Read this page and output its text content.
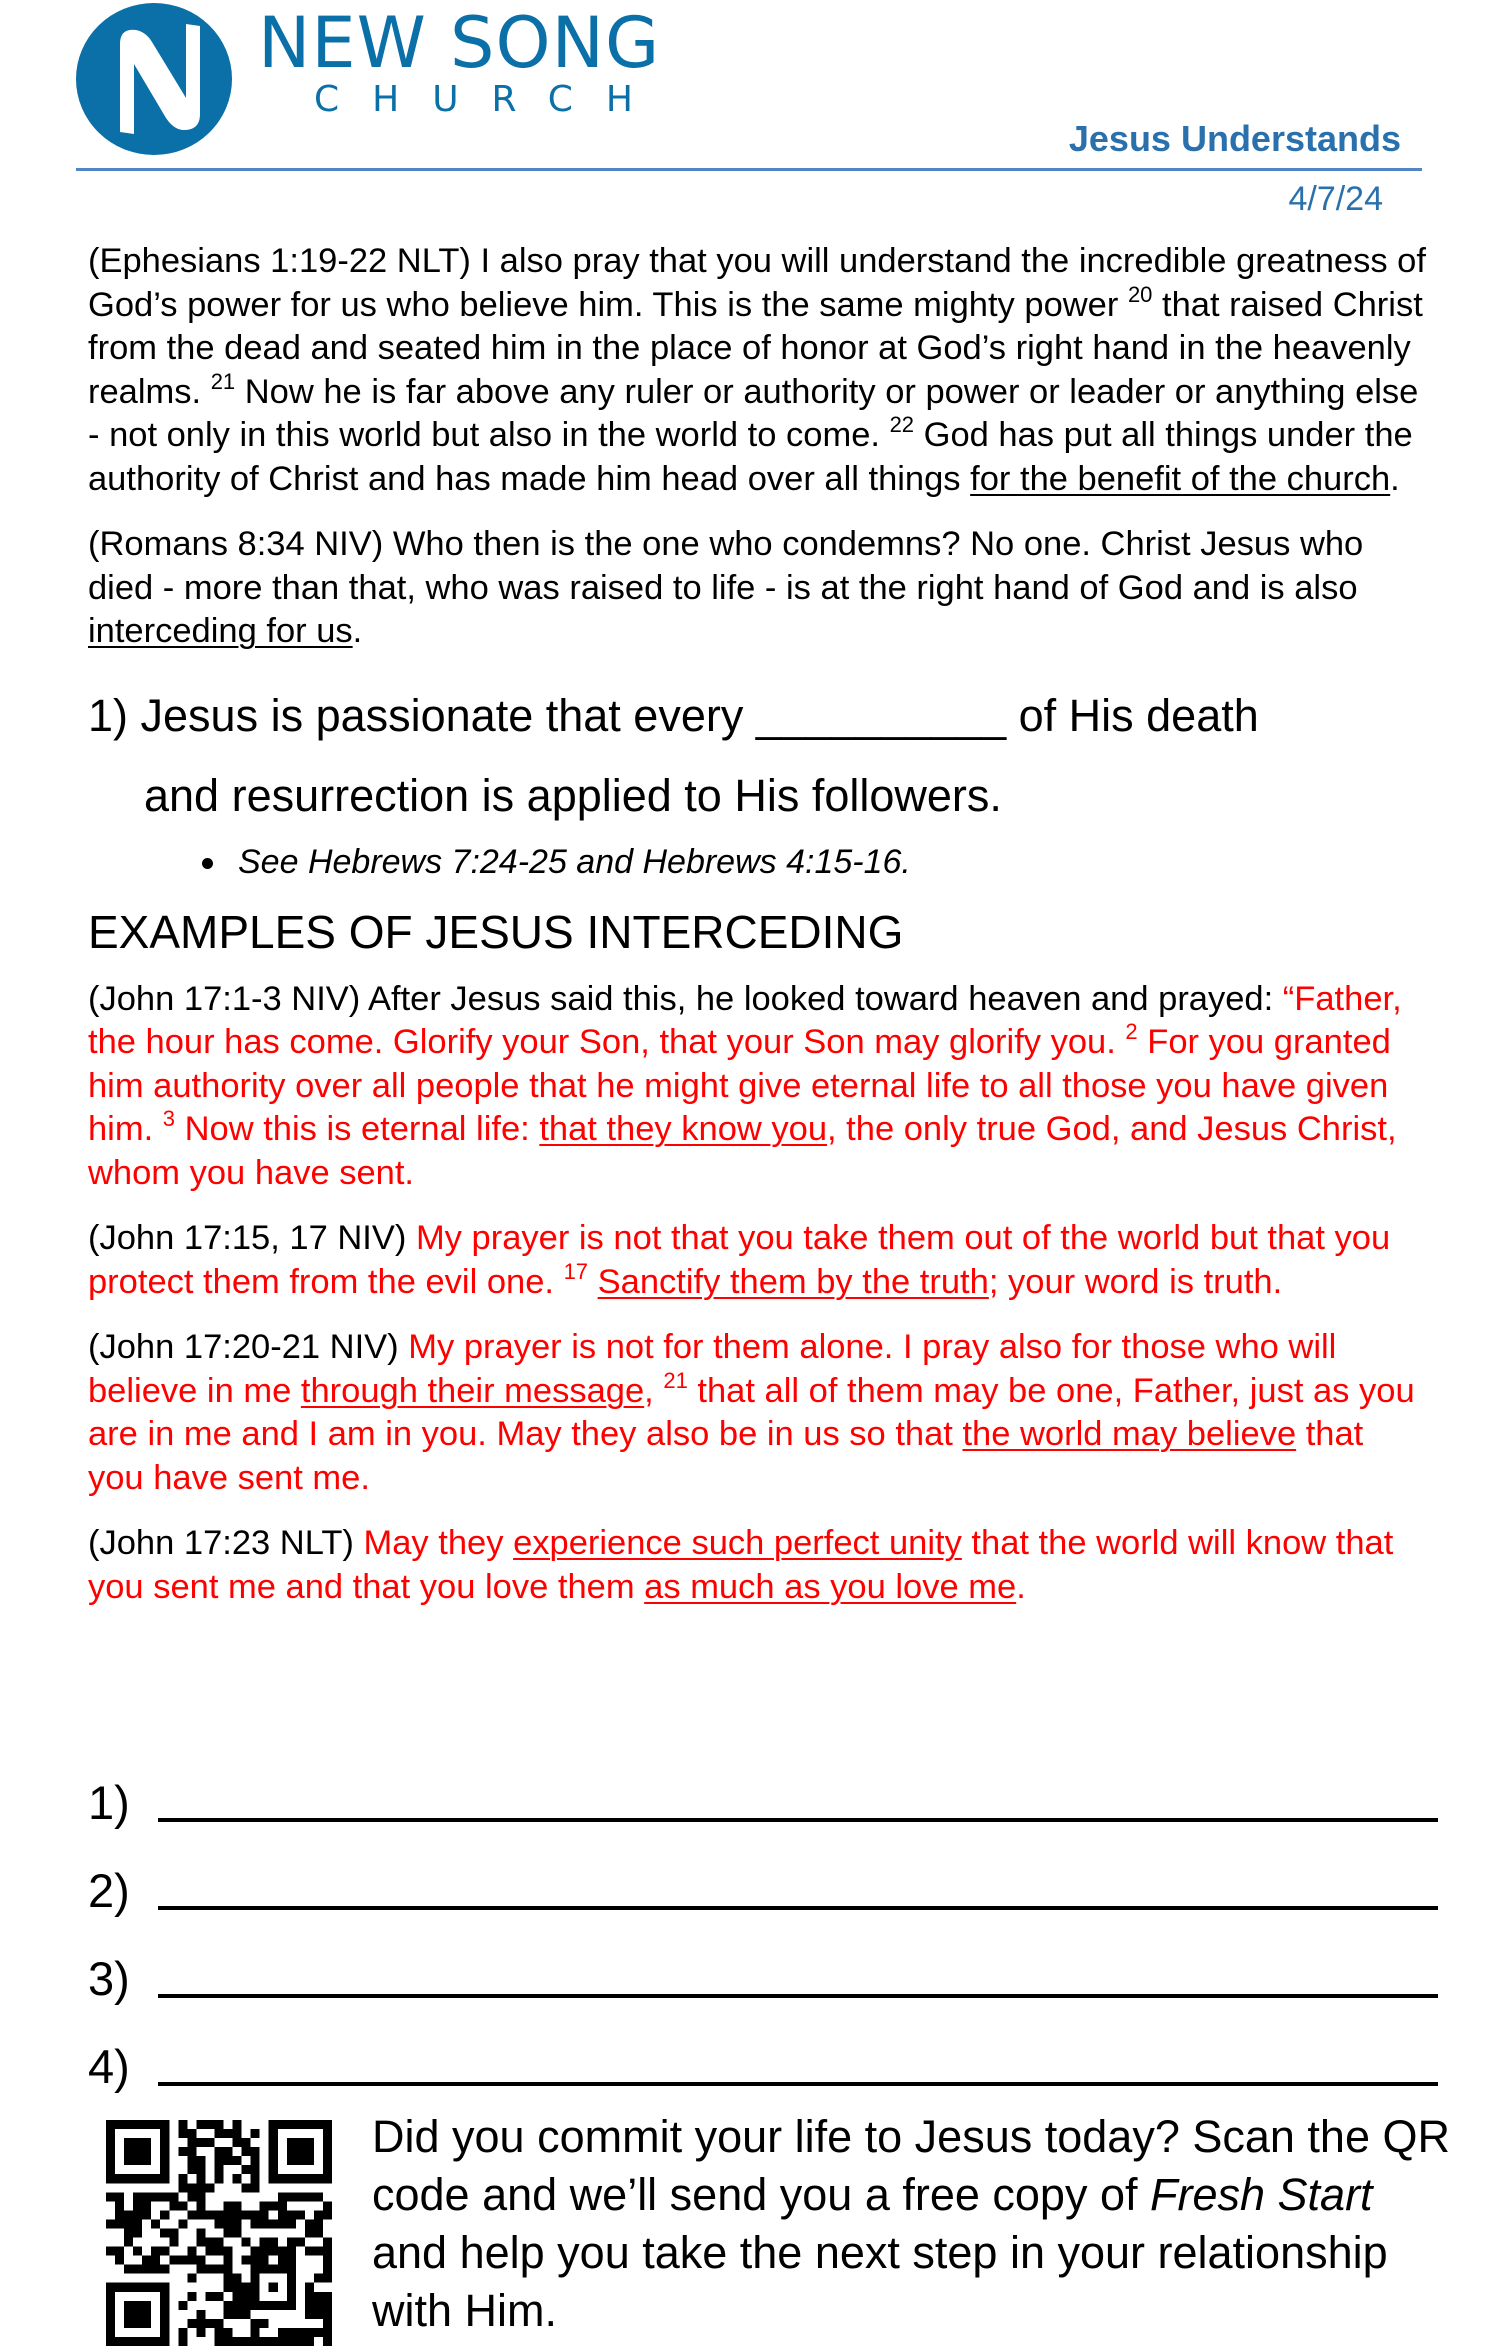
NEW SONG
CHURCH
Jesus Understands
4/7/24

(Ephesians 1:19-22 NLT) I also pray that you will understand the incredible greatness of God’s power for us who believe him. This is the same mighty power $^{20}$ that raised Christ from the dead and seated him in the place of honor at God’s right hand in the heavenly realms. $^{21}$ Now he is far above any ruler or authority or power or leader or anything else - not only in this world but also in the world to come. $^{22}$ God has put all things under the authority of Christ and has made him head over all things for the benefit of the church.

(Romans 8:34 NIV) Who then is the one who condemns? No one. Christ Jesus who died - more than that, who was raised to life - is at the right hand of God and is also interceding for us.

1) Jesus is passionate that every __________ of His death
and resurrection is applied to His followers.

See Hebrews 7:24-25 and Hebrews 4:15-16.

EXAMPLES OF JESUS INTERCEDING

(John 17:1-3 NIV) After Jesus said this, he looked toward heaven and prayed: “Father, the hour has come. Glorify your Son, that your Son may glorify you. $^2$ For you granted him authority over all people that he might give eternal life to all those you have given him. $^3$ Now this is eternal life: that they know you, the only true God, and Jesus Christ, whom you have sent.

(John 17:15, 17 NIV) My prayer is not that you take them out of the world but that you protect them from the evil one. $^{17}$ Sanctify them by the truth; your word is truth.

(John 17:20-21 NIV) My prayer is not for them alone. I pray also for those who will believe in me through their message, $^{21}$ that all of them may be one, Father, just as you are in me and I am in you. May they also be in us so that the world may believe that you have sent me.

(John 17:23 NLT) May they experience such perfect unity that the world will know that you sent me and that you love them as much as you love me.

1)
2)
3)
4)
Did you commit your life to Jesus today? Scan the QR code and we’ll send you a free copy of Fresh Start and help you take the next step in your relationship with Him.
